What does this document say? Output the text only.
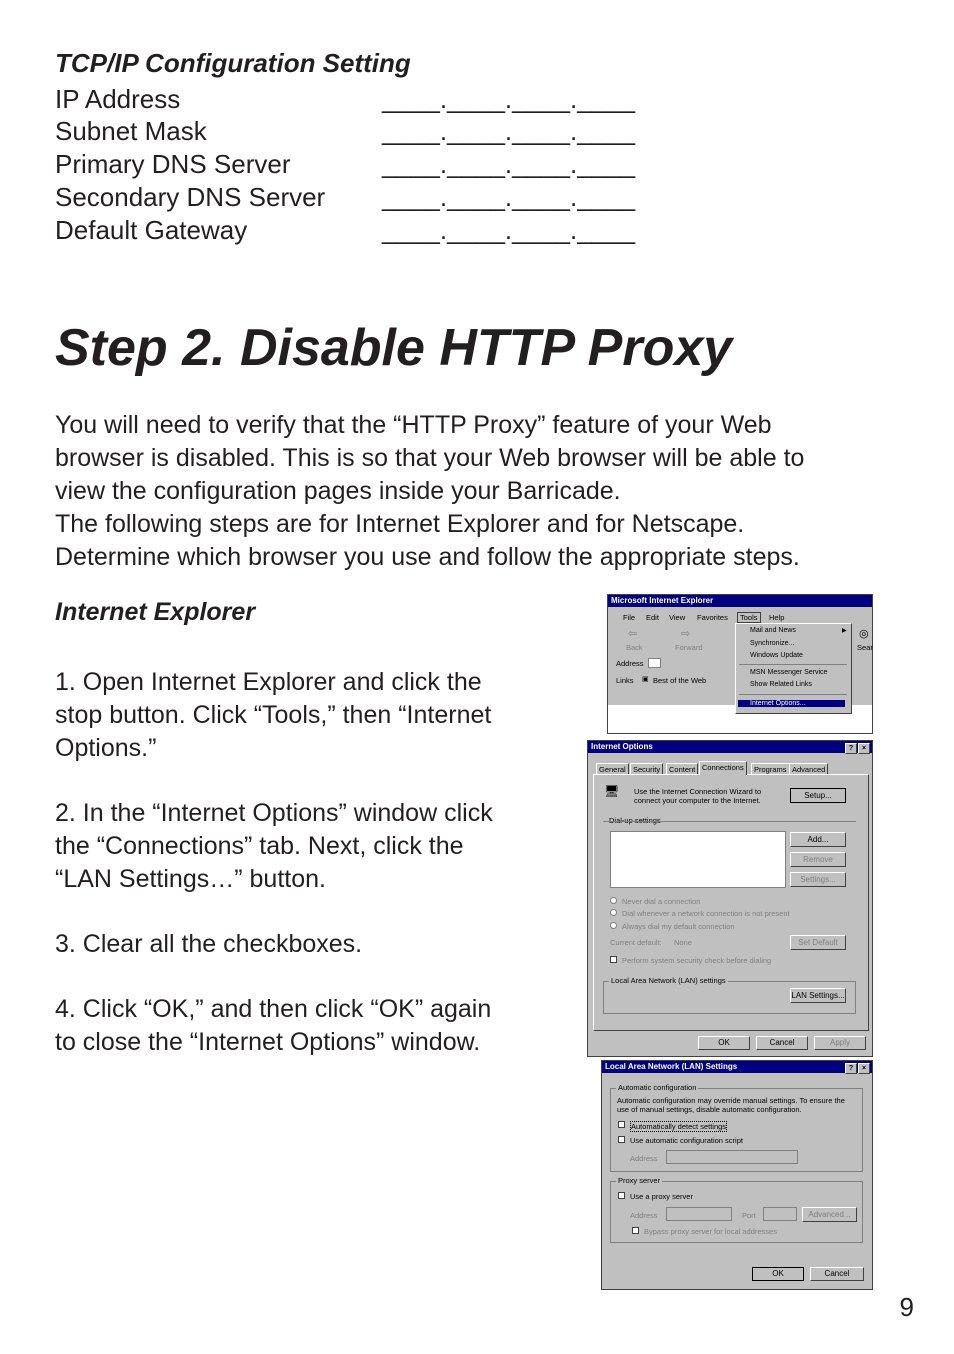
TCP/IP Configuration Setting
IP Address	____.____.____.____
Subnet Mask	____.____.____.____
Primary DNS Server	____.____.____.____
Secondary DNS Server ____.____.____.____
Default Gateway	____.____.____.____
Step 2. Disable HTTP Proxy
You will need to verify that the “HTTP Proxy” feature of your Web
browser is disabled. This is so that your Web browser will be able to
view the configuration pages inside your Barricade.
The following steps are for Internet Explorer and for Netscape.
Determine which browser you use and follow the appropriate steps.
Internet Explorer
1. Open Internet Explorer and click the
stop button. Click “Tools,” then “Internet
Options.”
2. In the “Internet Options” window click
the “Connections” tab. Next, click the
“LAN Settings…” button.
3. Clear all the checkboxes.
4. Click “OK,” and then click “OK” again
to close the “Internet Options” window.
9
Microsoft Internet Explorer
File Edit View Favorites	Tools	Help
⇦
Back
⇨
Forward
◎
Sear
Address
Links ▣ Best of the Web
Mail and News	▶
Synchronize...
Windows Update
MSN Messenger Service
Show Related Links
Internet Options...
Internet Options	? ×
General Security	Content Connections	Programs Advanced
🖥 Use the Internet Connection Wizard to
connect your computer to the Internet.
Setup...
Dial-up settings
Add...
Remove
Settings...
Never dial a connection
Dial whenever a network connection is not present
Always dial my default connection
Current default: None	Set Default
Perform system security check before dialing
Local Area Network (LAN) settings
LAN Settings...
OK	Cancel	Apply
Local Area Network (LAN) Settings	? ×
Automatic configuration
Automatic configuration may override manual settings. To ensure the
use of manual settings, disable automatic configuration.
Automatically detect settings
Use automatic configuration script
Address
Proxy server
Use a proxy server
Address	Port	Advanced...
Bypass proxy server for local addresses
OK	Cancel
